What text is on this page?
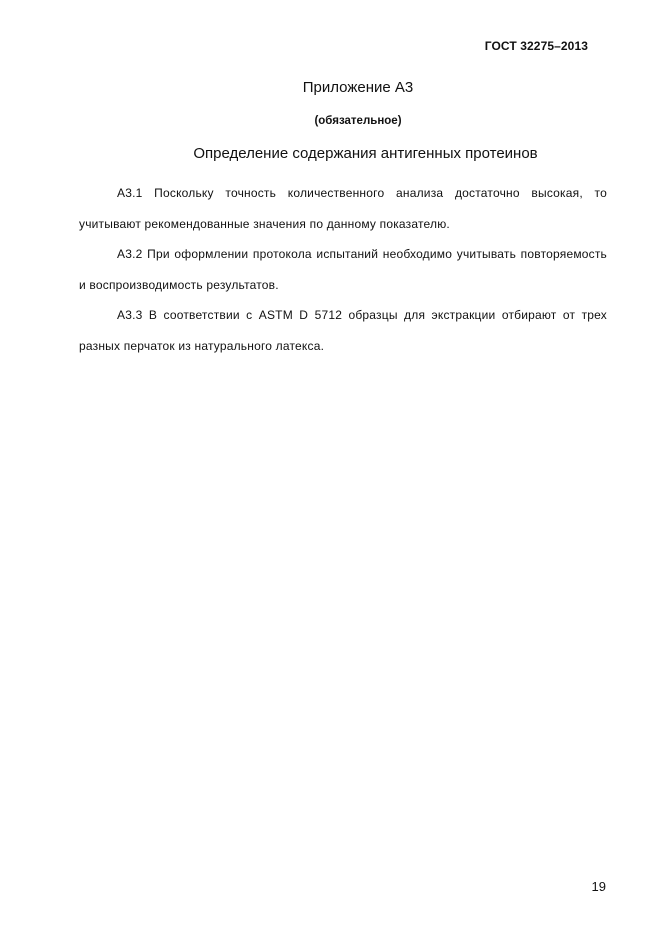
ГОСТ 32275–2013
Приложение А3
(обязательное)
Определение содержания антигенных протеинов

А3.1 Поскольку точность количественного анализа достаточно высокая, то учитывают рекомендованные значения по данному показателю.

А3.2 При оформлении протокола испытаний необходимо учитывать повторяемость и воспроизводимость результатов.

А3.3 В соответствии с ASTM D 5712 образцы для экстракции отбирают от трех разных перчаток из натурального латекса.

19
